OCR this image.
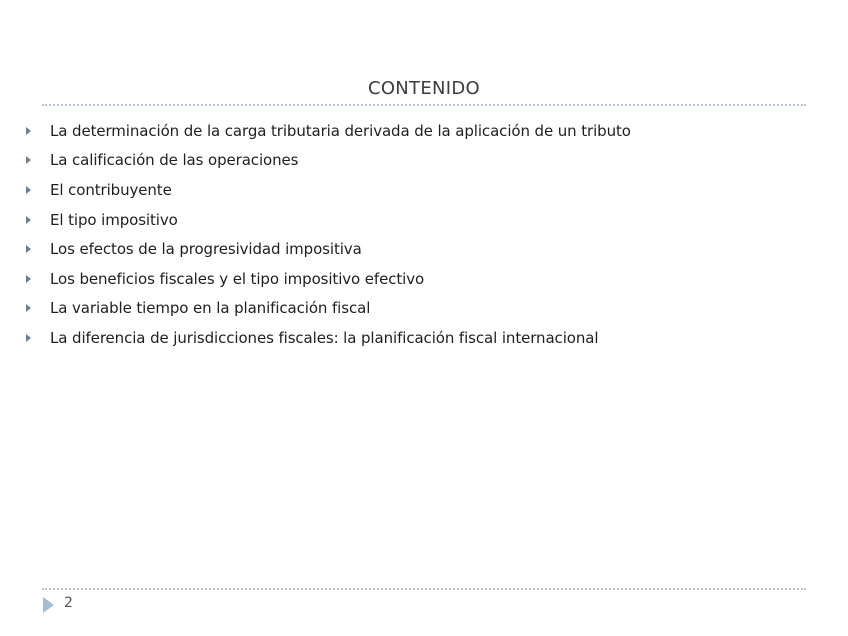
CONTENIDO
La determinación de la carga tributaria derivada de la aplicación de un tributo
La calificación de las operaciones
El contribuyente
El tipo impositivo
Los efectos de la progresividad impositiva
Los beneficios fiscales y el tipo impositivo efectivo
La variable tiempo en la planificación fiscal
La diferencia de jurisdicciones fiscales: la planificación fiscal internacional
2
